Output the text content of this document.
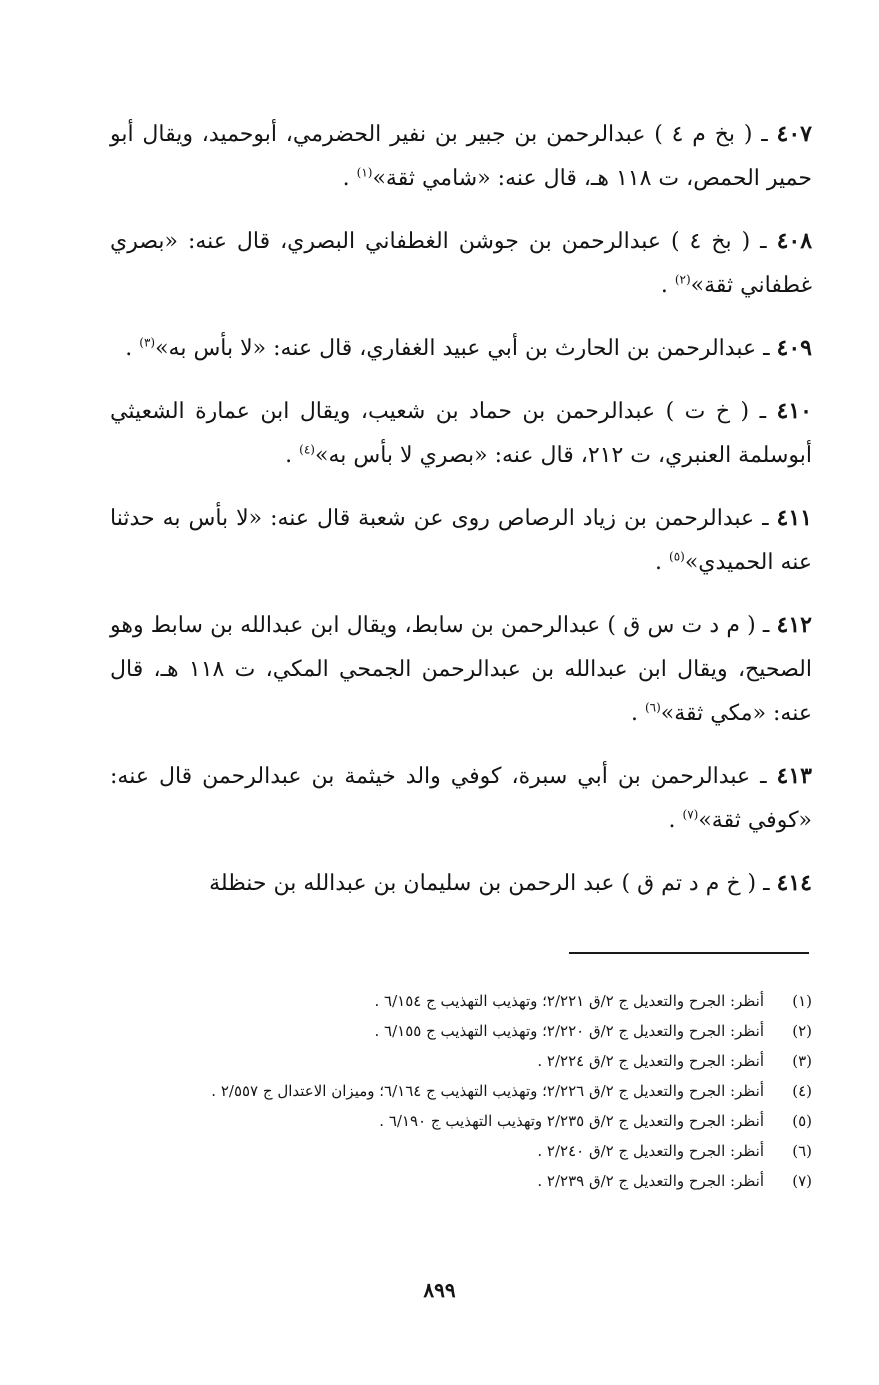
٤٠٧ ـ ( بخ م ٤ ) عبدالرحمن بن جبير بن نفير الحضرمي، أبوحميد، ويقال أبو حمير الحمص، ت ١١٨ هـ، قال عنه: «شامي ثقة»$^{(١)}$ .

٤٠٨ ـ ( بخ ٤ ) عبدالرحمن بن جوشن الغطفاني البصري، قال عنه: «بصري غطفاني ثقة»$^{(٢)}$ .

٤٠٩ ـ عبدالرحمن بن الحارث بن أبي عبيد الغفاري، قال عنه: «لا بأس به»$^{(٣)}$ .

٤١٠ ـ ( خ ت ) عبدالرحمن بن حماد بن شعيب، ويقال ابن عمارة الشعيثي أبوسلمة العنبري، ت ٢١٢، قال عنه: «بصري لا بأس به»$^{(٤)}$ .

٤١١ ـ عبدالرحمن بن زياد الرصاص روى عن شعبة قال عنه: «لا بأس به حدثنا عنه الحميدي»$^{(٥)}$ .

٤١٢ ـ ( م د ت س ق ) عبدالرحمن بن سابط، ويقال ابن عبدالله بن سابط وهو الصحيح، ويقال ابن عبدالله بن عبدالرحمن الجمحي المكي، ت ١١٨ هـ، قال عنه: «مكي ثقة»$^{(٦)}$ .

٤١٣ ـ عبدالرحمن بن أبي سبرة، كوفي والد خيثمة بن عبدالرحمن قال عنه: «كوفي ثقة»$^{(٧)}$ .

٤١٤ ـ ( خ م د تم ق ) عبد الرحمن بن سليمان بن عبدالله بن حنظلة

(١)
أنظر: الجرح والتعديل ج ٢/ق ٢/٢٢١؛ وتهذيب التهذيب ج ٦/١٥٤ .
(٢)
أنظر: الجرح والتعديل ج ٢/ق ٢/٢٢٠؛ وتهذيب التهذيب ج ٦/١٥٥ .
(٣)
أنظر: الجرح والتعديل ج ٢/ق ٢/٢٢٤ .
(٤)
أنظر: الجرح والتعديل ج ٢/ق ٢/٢٢٦؛ وتهذيب التهذيب ج ٦/١٦٤؛ وميزان الاعتدال ج ٢/٥٥٧ .
(٥)
أنظر: الجرح والتعديل ج ٢/ق ٢/٢٣٥ وتهذيب التهذيب ج ٦/١٩٠ .
(٦)
أنظر: الجرح والتعديل ج ٢/ق ٢/٢٤٠ .
(٧)
أنظر: الجرح والتعديل ج ٢/ق ٢/٢٣٩ .
٨٩٩
